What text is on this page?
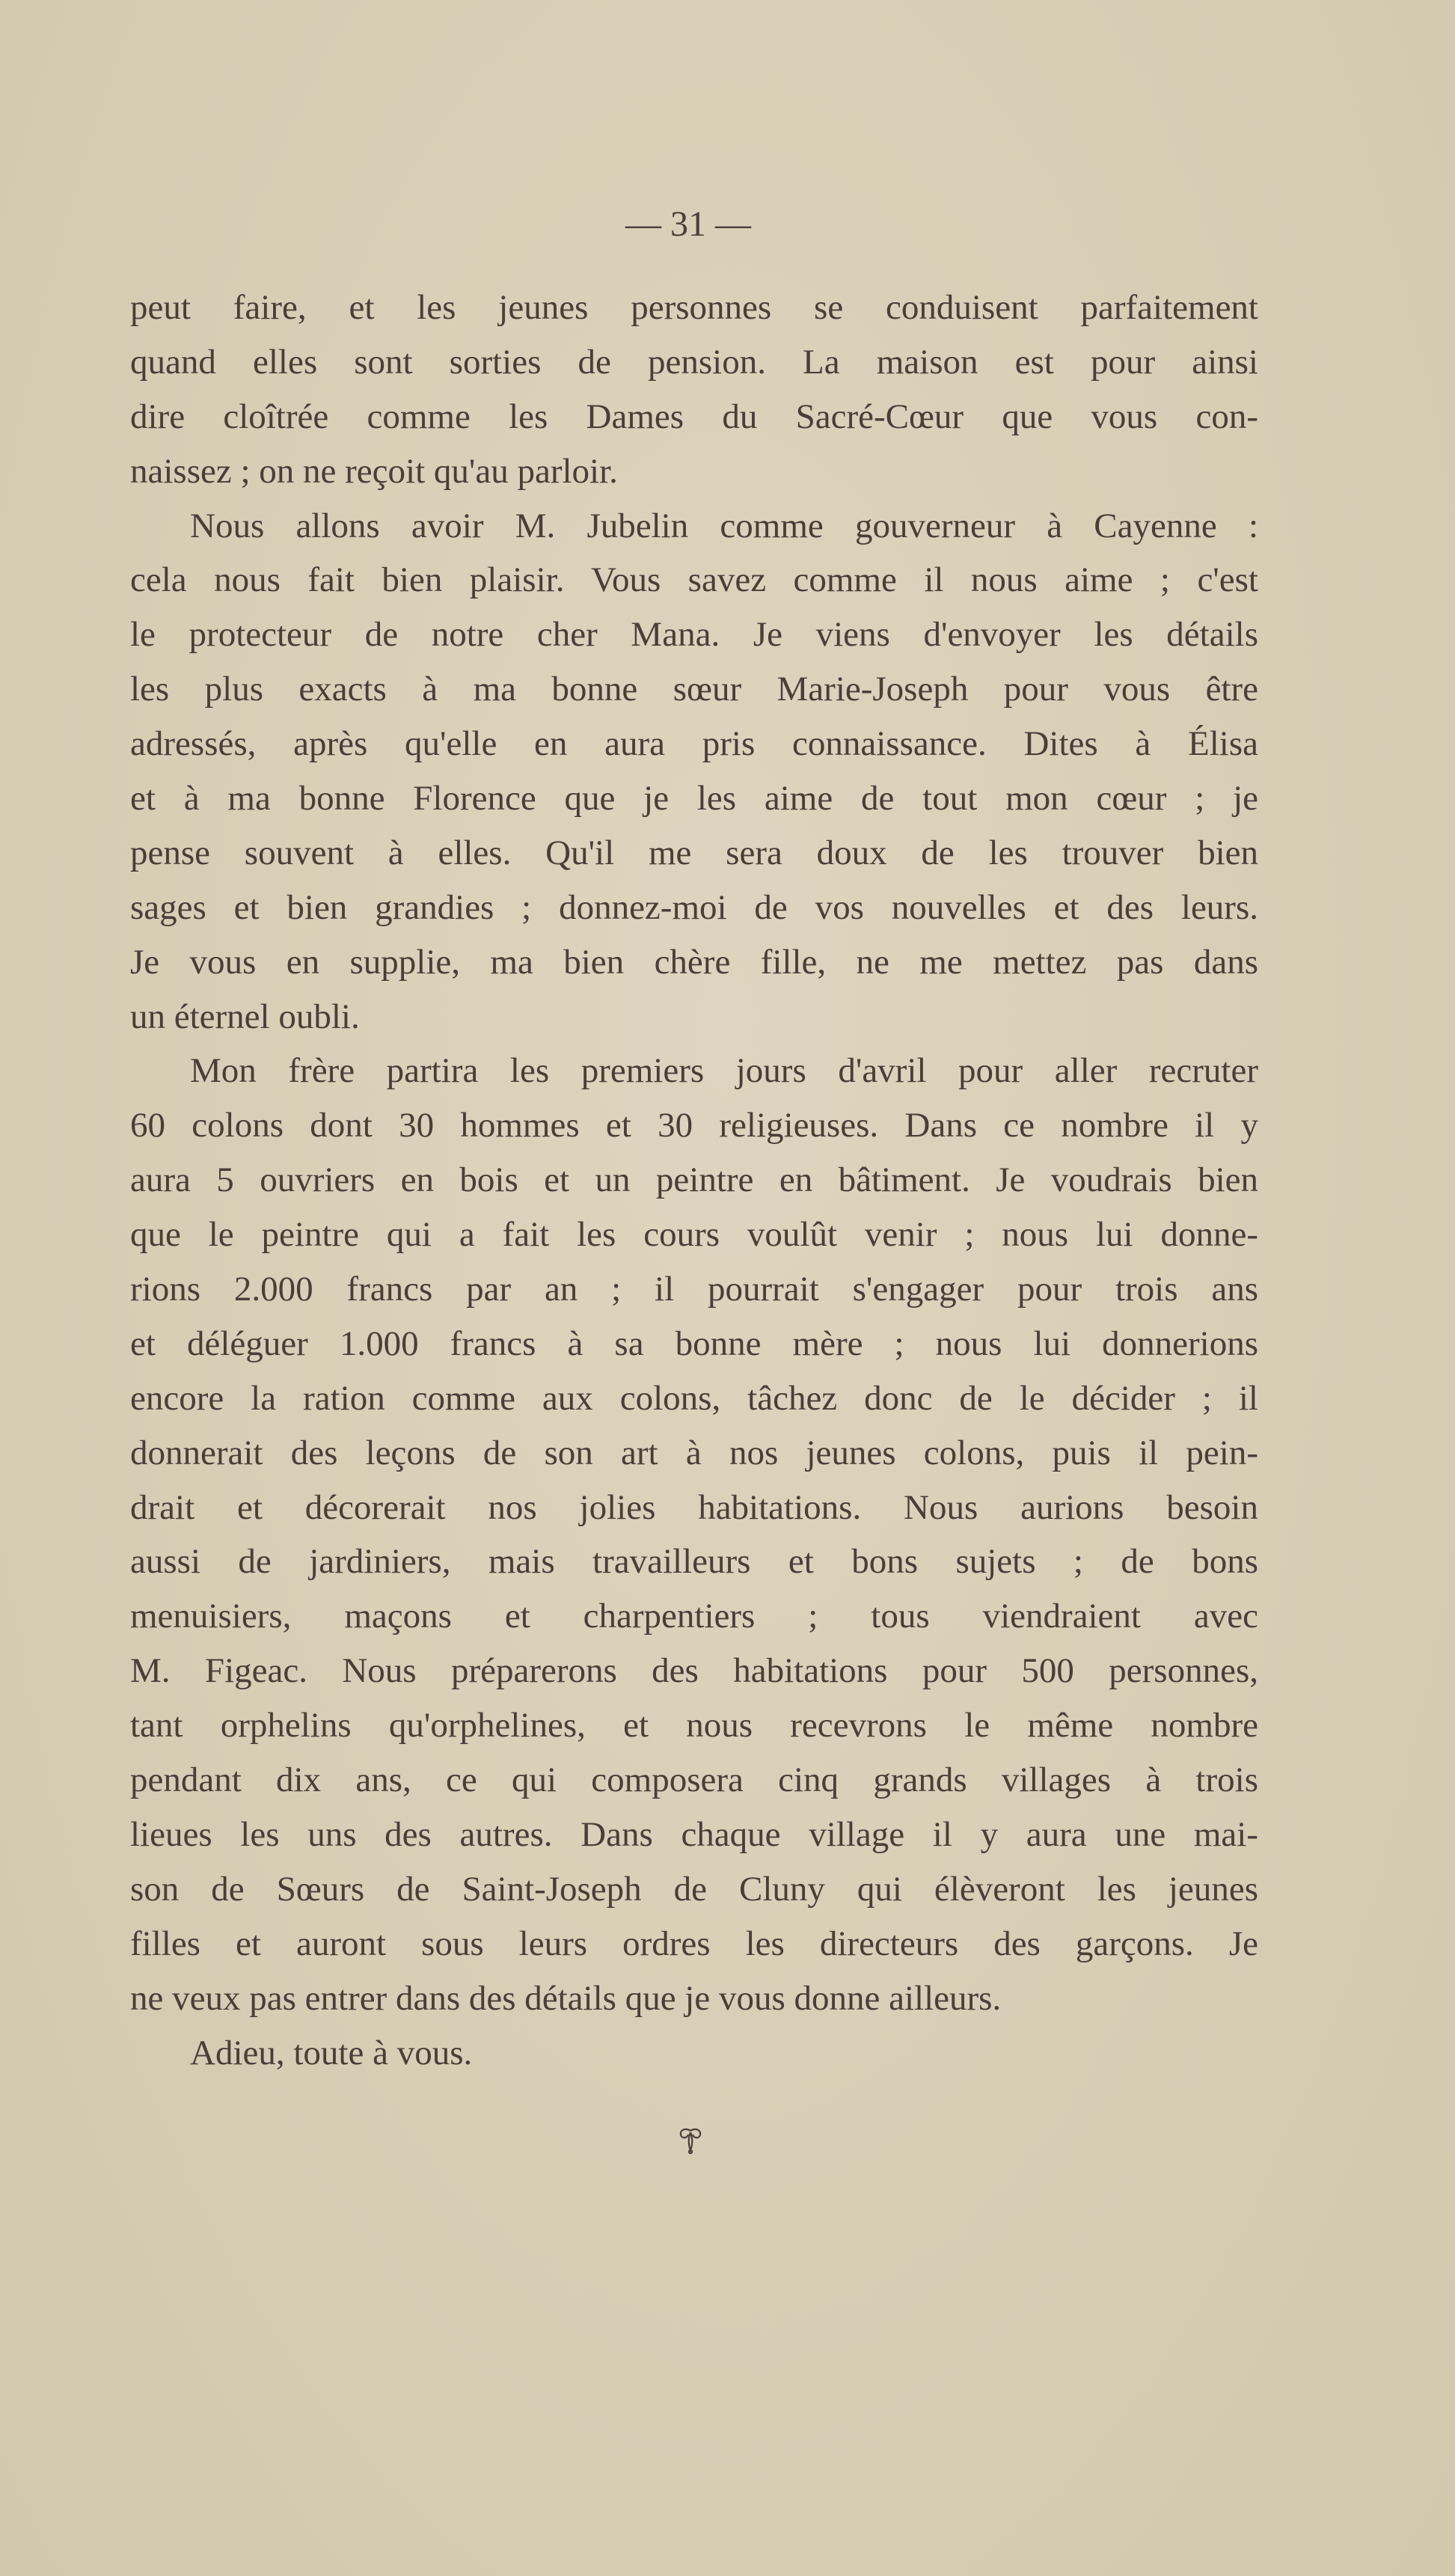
— 31 —
peut faire, et les jeunes personnes se conduisent parfaitement
quand elles sont sorties de pension. La maison est pour ainsi
dire cloîtrée comme les Dames du Sacré-Cœur que vous con-
naissez ; on ne reçoit qu'au parloir.
Nous allons avoir M. Jubelin comme gouverneur à Cayenne :
cela nous fait bien plaisir. Vous savez comme il nous aime ; c'est
le protecteur de notre cher Mana. Je viens d'envoyer les détails
les plus exacts à ma bonne sœur Marie-Joseph pour vous être
adressés, après qu'elle en aura pris connaissance. Dites à Élisa
et à ma bonne Florence que je les aime de tout mon cœur ; je
pense souvent à elles. Qu'il me sera doux de les trouver bien
sages et bien grandies ; donnez-moi de vos nouvelles et des leurs.
Je vous en supplie, ma bien chère fille, ne me mettez pas dans
un éternel oubli.
Mon frère partira les premiers jours d'avril pour aller recruter
60 colons dont 30 hommes et 30 religieuses. Dans ce nombre il y
aura 5 ouvriers en bois et un peintre en bâtiment. Je voudrais bien
que le peintre qui a fait les cours voulût venir ; nous lui donne-
rions 2.000 francs par an ; il pourrait s'engager pour trois ans
et déléguer 1.000 francs à sa bonne mère ; nous lui donnerions
encore la ration comme aux colons, tâchez donc de le décider ; il
donnerait des leçons de son art à nos jeunes colons, puis il pein-
drait et décorerait nos jolies habitations. Nous aurions besoin
aussi de jardiniers, mais travailleurs et bons sujets ; de bons
menuisiers, maçons et charpentiers ; tous viendraient avec
M. Figeac. Nous préparerons des habitations pour 500 personnes,
tant orphelins qu'orphelines, et nous recevrons le même nombre
pendant dix ans, ce qui composera cinq grands villages à trois
lieues les uns des autres. Dans chaque village il y aura une mai-
son de Sœurs de Saint-Joseph de Cluny qui élèveront les jeunes
filles et auront sous leurs ordres les directeurs des garçons. Je
ne veux pas entrer dans des détails que je vous donne ailleurs.
Adieu, toute à vous.
